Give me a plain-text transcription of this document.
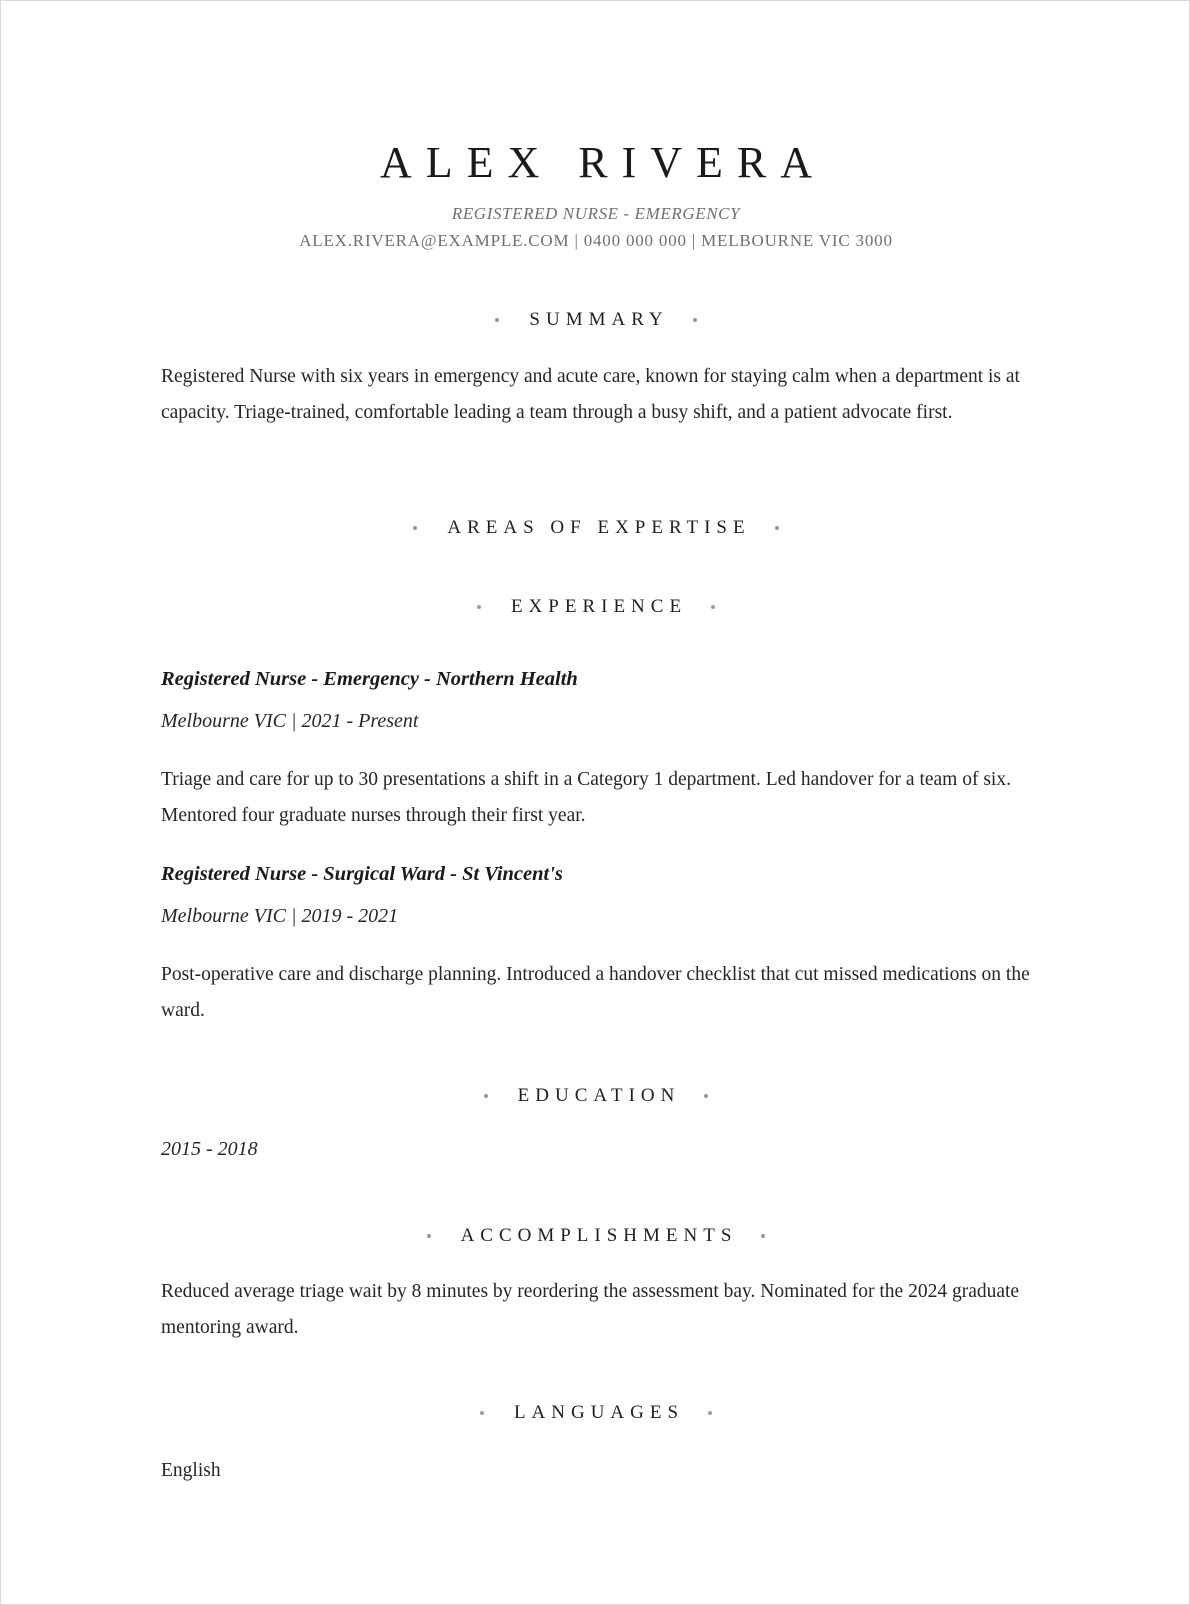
ALEX RIVERA
REGISTERED NURSE - EMERGENCY
ALEX.RIVERA@EXAMPLE.COM | 0400 000 000 | MELBOURNE VIC 3000
SUMMARY
Registered Nurse with six years in emergency and acute care, known for staying calm when a department is at capacity. Triage-trained, comfortable leading a team through a busy shift, and a patient advocate first.
AREAS OF EXPERTISE
EXPERIENCE
Registered Nurse - Emergency - Northern Health
Melbourne VIC | 2021 - Present
Triage and care for up to 30 presentations a shift in a Category 1 department. Led handover for a team of six. Mentored four graduate nurses through their first year.
Registered Nurse - Surgical Ward - St Vincent's
Melbourne VIC | 2019 - 2021
Post-operative care and discharge planning. Introduced a handover checklist that cut missed medications on the ward.
EDUCATION
2015 - 2018
ACCOMPLISHMENTS
Reduced average triage wait by 8 minutes by reordering the assessment bay. Nominated for the 2024 graduate mentoring award.
LANGUAGES
English
